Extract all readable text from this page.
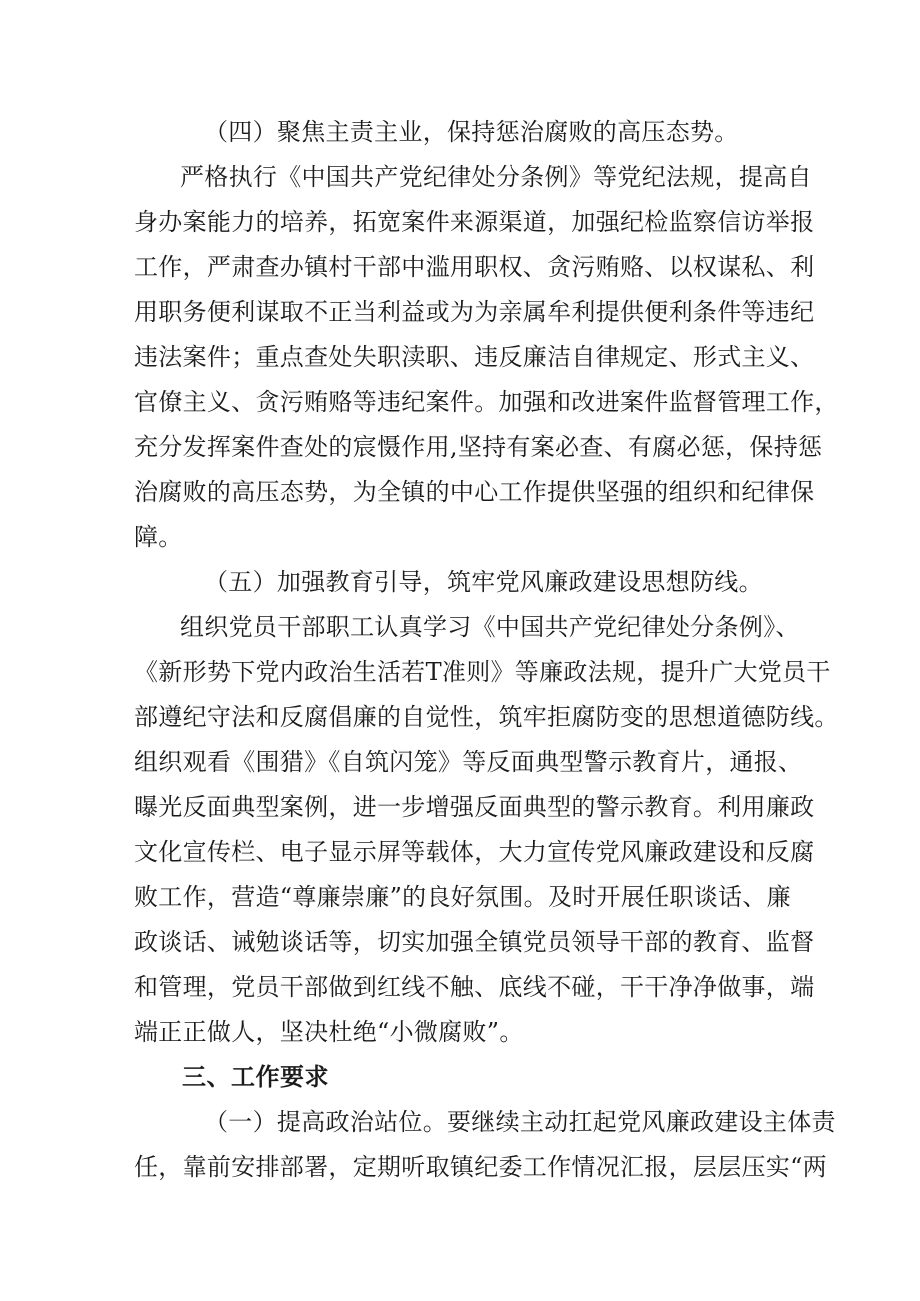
（四）聚焦主责主业，保持惩治腐败的高压态势。
严格执行《中国共产党纪律处分条例》等党纪法规，提高自
身办案能力的培养，拓宽案件来源渠道，加强纪检监察信访举报
工作，严肃查办镇村干部中滥用职权、贪污贿赂、以权谋私、利
用职务便利谋取不正当利益或为为亲属牟利提供便利条件等违纪
违法案件；重点查处失职渎职、违反廉洁自律规定、形式主义、
官僚主义、贪污贿赂等违纪案件。加强和改进案件监督管理工作，
充分发挥案件查处的宸慑作用,坚持有案必查、有腐必惩，保持惩
治腐败的高压态势，为全镇的中心工作提供坚强的组织和纪律保
障。
（五）加强教育引导，筑牢党风廉政建设思想防线。
组织党员干部职工认真学习《中国共产党纪律处分条例》、
《新形势下党内政治生活若T准则》等廉政法规，提升广大党员干
部遵纪守法和反腐倡廉的自觉性，筑牢拒腐防变的思想道德防线。
组织观看《围猎》《自筑闪笼》等反面典型警示教育片，通报、
曝光反面典型案例，进一步增强反面典型的警示教育。利用廉政
文化宣传栏、电子显示屏等载体，大力宣传党风廉政建设和反腐
败工作，营造“尊廉崇廉”的良好氛围。及时开展任职谈话、廉
政谈话、诫勉谈话等，切实加强全镇党员领导干部的教育、监督
和管理，党员干部做到红线不触、底线不碰，干干净净做事，端
端正正做人，坚决杜绝“小微腐败”。
三、工作要求
（一）提高政治站位。要继续主动扛起党风廉政建设主体责
任，靠前安排部署，定期听取镇纪委工作情况汇报，层层压实“两
